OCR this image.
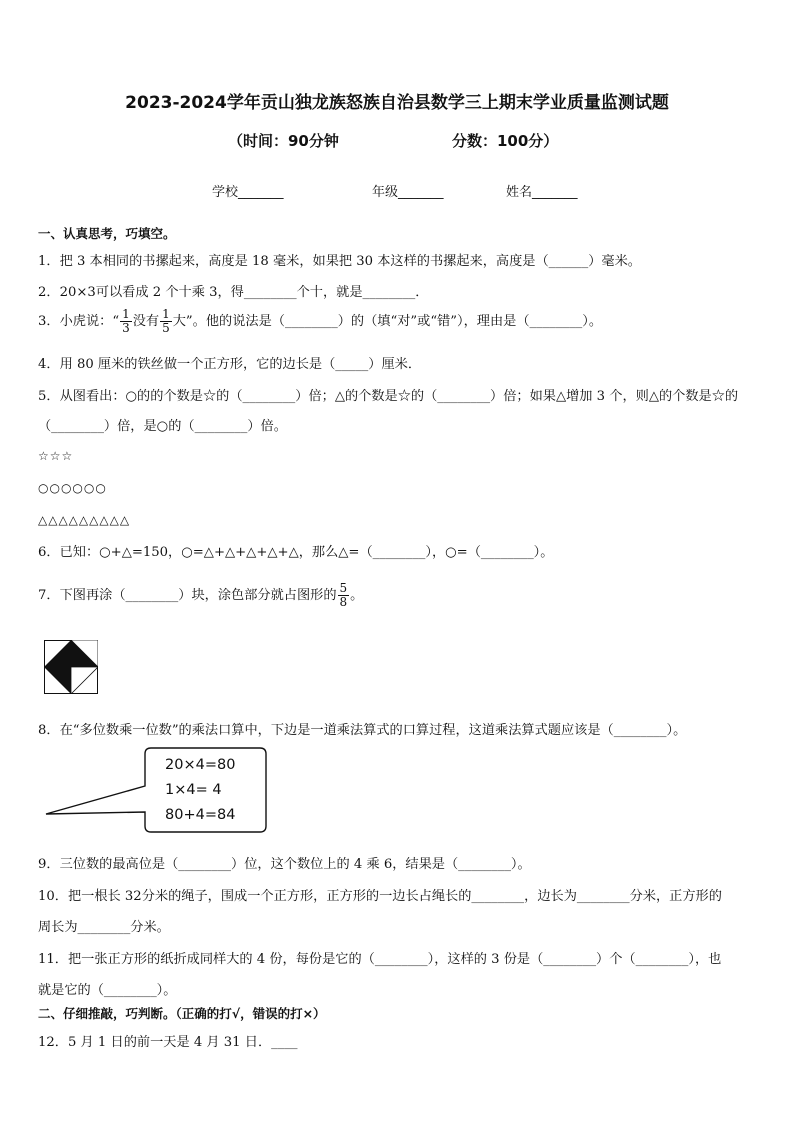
2023-2024学年贡山独龙族怒族自治县数学三上期末学业质量监测试题
（时间：90分钟	分数：100分）
学校_______	年级_______	姓名_______
一、认真思考，巧填空。
1．把 3 本相同的书摞起来，高度是 18 毫米，如果把 30 本这样的书摞起来，高度是（______）毫米。
2．20×3可以看成 2 个十乘 3，得________个十，就是________．
3．小虎说：“ $\frac{1}{3}$ 没有 $\frac{1}{5}$ 大”。他的说法是（________）的（填“对”或“错”），理由是（________）。
4．用 80 厘米的铁丝做一个正方形，它的边长是（_____）厘米．
5．从图看出：○的的个数是☆的（________）倍；△的个数是☆的（________）倍；如果△增加 3 个，则△的个数是☆的
（________）倍，是○的（________）倍。
☆☆☆
○○○○○○
△△△△△△△△△
6．已知：○+△=150，○=△+△+△+△+△，那么△=（________），○=（________）。
7．下图再涂（________）块，涂色部分就占图形的 $\frac{5}{8}$ 。
8．在“多位数乘一位数”的乘法口算中，下边是一道乘法算式的口算过程，这道乘法算式题应该是（________）。
20×4=80
1×4= 4
80+4=84
9．三位数的最高位是（________）位，这个数位上的 4 乘 6，结果是（________）。
10．把一根长 32分米的绳子，围成一个正方形，正方形的一边长占绳长的________，边长为________分米，正方形的
周长为________分米。
11．把一张正方形的纸折成同样大的 4 份，每份是它的（________），这样的 3 份是（________）个（________），也
就是它的（________）。
二、仔细推敲，巧判断。（正确的打√，错误的打×）
12．5 月 1 日的前一天是 4 月 31 日．____
